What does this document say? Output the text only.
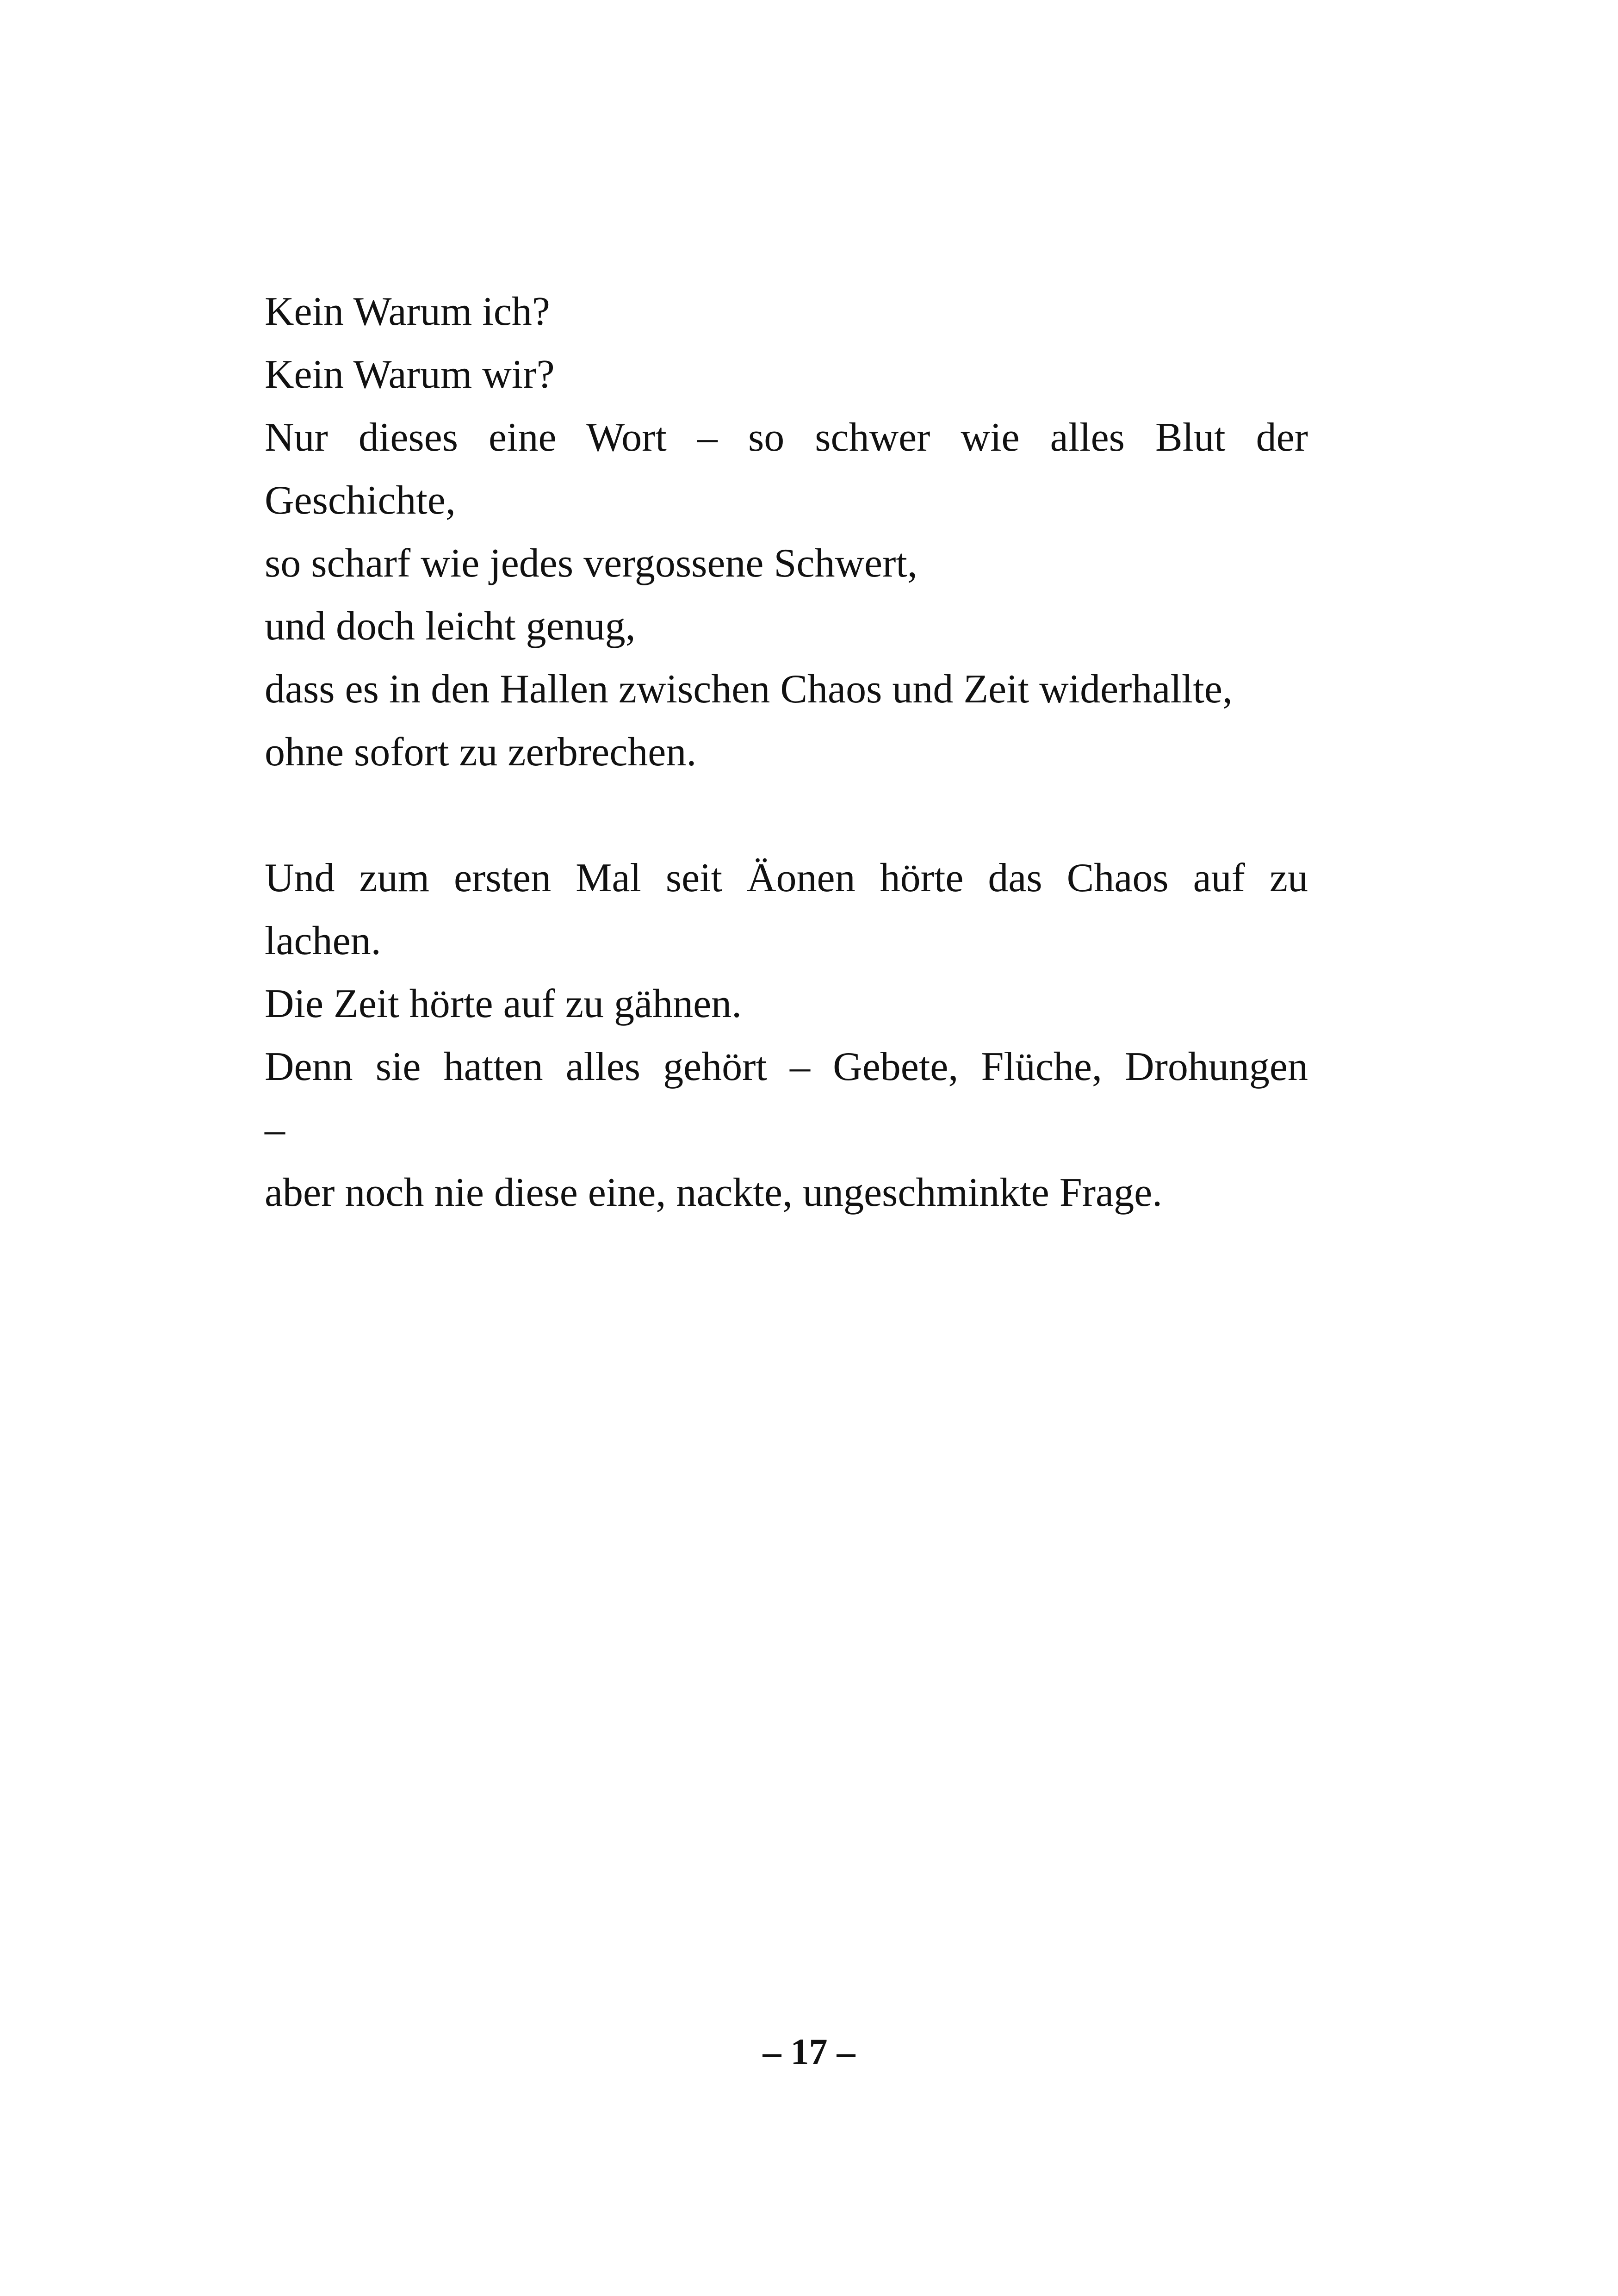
Kein Warum ich?
Kein Warum wir?
Nur dieses eine Wort – so schwer wie alles Blut der
Geschichte,
so scharf wie jedes vergossene Schwert,
und doch leicht genug,
dass es in den Hallen zwischen Chaos und Zeit widerhallte,
ohne sofort zu zerbrechen.
Und zum ersten Mal seit Äonen hörte das Chaos auf zu
lachen.
Die Zeit hörte auf zu gähnen.
Denn sie hatten alles gehört – Gebete, Flüche, Drohungen
–
aber noch nie diese eine, nackte, ungeschminkte Frage.
– 17 –
